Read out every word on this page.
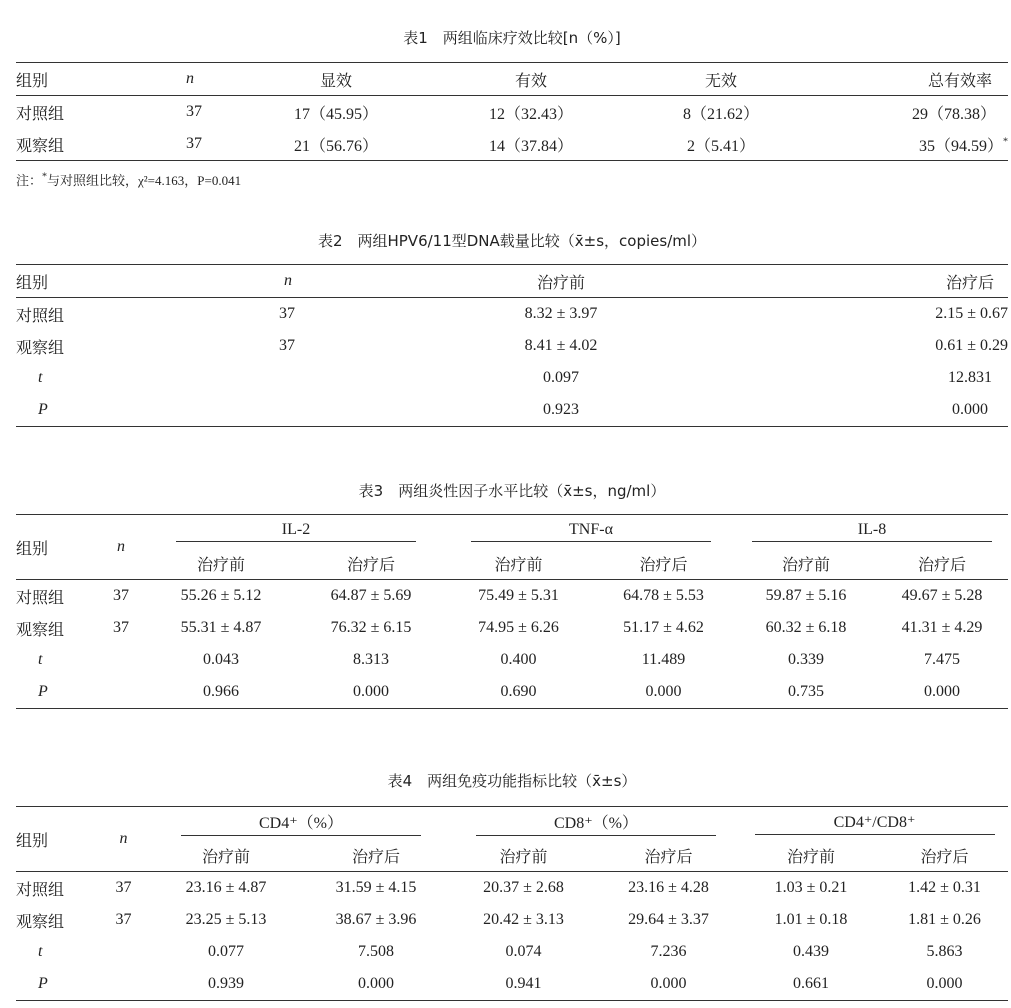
表1　两组临床疗效比较[n（%）]
组别	n	显效	有效	无效	总有效率
对照组	37	17（45.95）	12（32.43）	8（21.62）	29（78.38）
观察组	37	21（56.76）	14（37.84）	2（5.41）	35（94.59）*
注：*与对照组比较，χ²=4.163，P=0.041
表2　两组HPV6/11型DNA载量比较（x̄±s，copies/ml）
组别	n	治疗前	治疗后
对照组	37	8.32 ± 3.97	2.15 ± 0.67
观察组	37	8.41 ± 4.02	0.61 ± 0.29
t		0.097	12.831
P		0.923	0.000
表3　两组炎性因子水平比较（x̄±s，ng/ml）
组别	n	IL-2		TNF-α		IL-8	
		治疗前	治疗后	治疗前	治疗后	治疗前	治疗后
对照组	37	55.26 ± 5.12	64.87 ± 5.69	75.49 ± 5.31	64.78 ± 5.53	59.87 ± 5.16	49.67 ± 5.28
观察组	37	55.31 ± 4.87	76.32 ± 6.15	74.95 ± 6.26	51.17 ± 4.62	60.32 ± 6.18	41.31 ± 4.29
t		0.043	8.313	0.400	11.489	0.339	7.475
P		0.966	0.000	0.690	0.000	0.735	0.000
表4　两组免疫功能指标比较（x̄±s）
组别	n	CD4⁺（%）		CD8⁺（%）		CD4⁺/CD8⁺	
		治疗前	治疗后	治疗前	治疗后	治疗前	治疗后
对照组	37	23.16 ± 4.87	31.59 ± 4.15	20.37 ± 2.68	23.16 ± 4.28	1.03 ± 0.21	1.42 ± 0.31
观察组	37	23.25 ± 5.13	38.67 ± 3.96	20.42 ± 3.13	29.64 ± 3.37	1.01 ± 0.18	1.81 ± 0.26
t		0.077	7.508	0.074	7.236	0.439	5.863
P		0.939	0.000	0.941	0.000	0.661	0.000
